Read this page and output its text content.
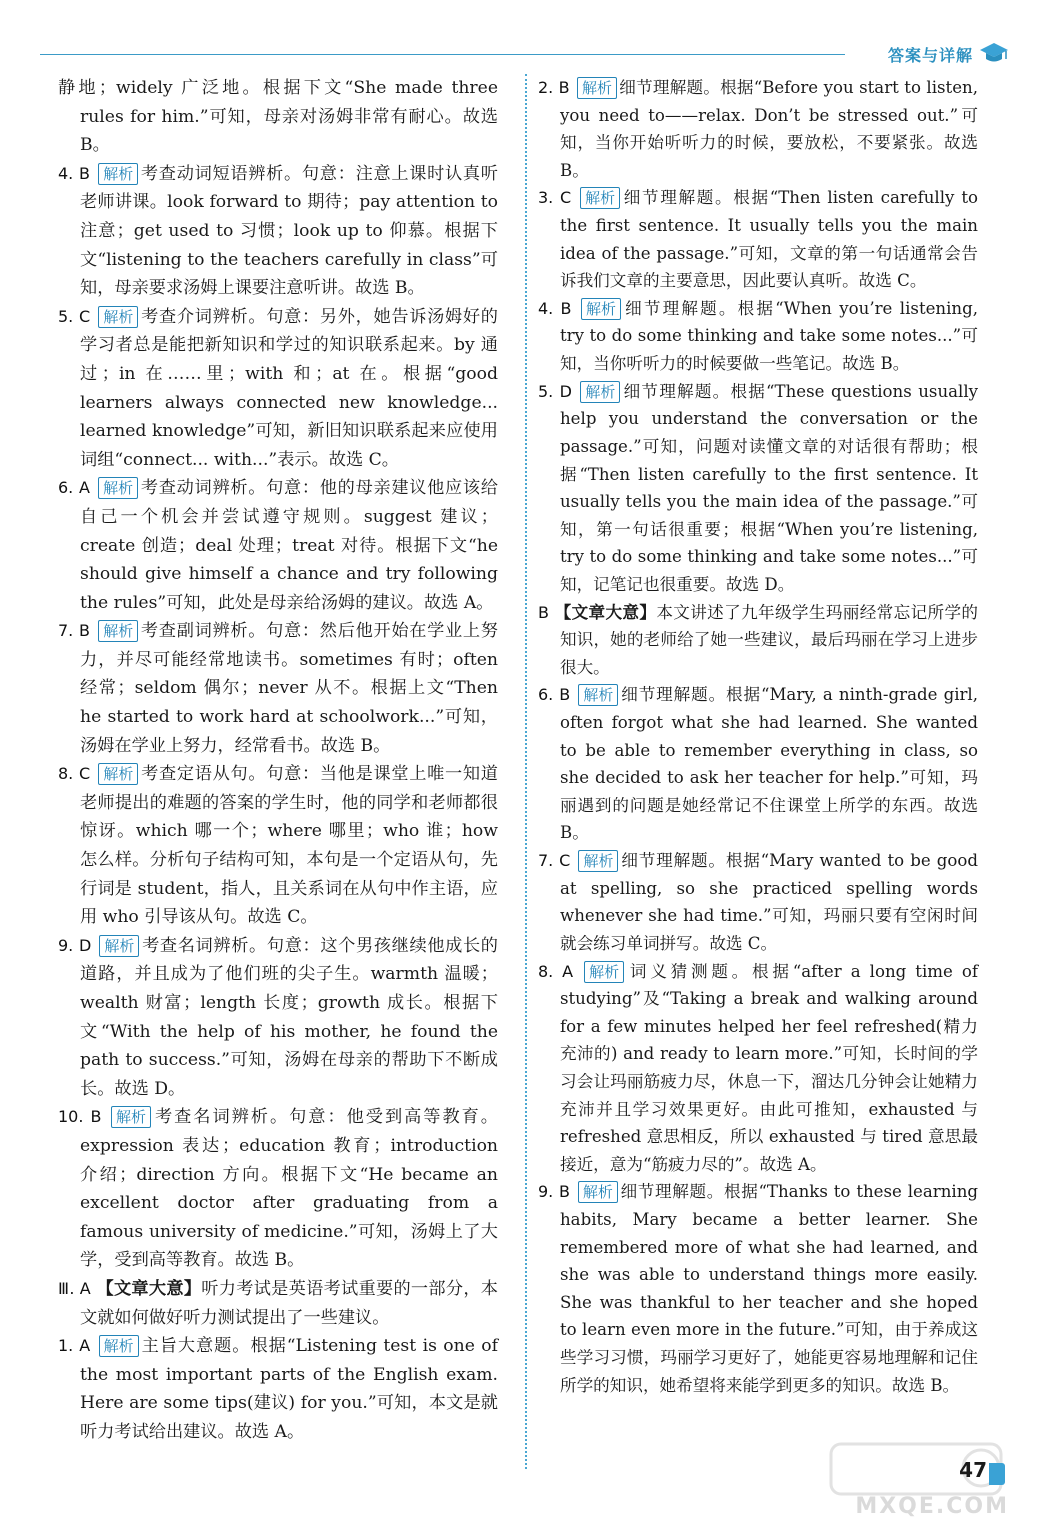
答案与详解
静地；widely 广泛地。根据下文“She made three rules for him.”可知，母亲对汤姆非常有耐心。故选 B。
4. B 解析 考查动词短语辨析。句意：注意上课时认真听老师讲课。look forward to 期待；pay attention to 注意；get used to 习惯；look up to 仰慕。根据下文“listening to the teachers carefully in class”可知，母亲要求汤姆上课要注意听讲。故选 B。
5. C 解析 考查介词辨析。句意：另外，她告诉汤姆好的学习者总是能把新知识和学过的知识联系起来。by 通过；in 在……里；with 和；at 在。根据“good learners always connected new knowledge... learned knowledge”可知，新旧知识联系起来应使用词组“connect... with...”表示。故选 C。
6. A 解析 考查动词辨析。句意：他的母亲建议他应该给自己一个机会并尝试遵守规则。suggest 建议；create 创造；deal 处理；treat 对待。根据下文“he should give himself a chance and try following the rules”可知，此处是母亲给汤姆的建议。故选 A。
7. B 解析 考查副词辨析。句意：然后他开始在学业上努力，并尽可能经常地读书。sometimes 有时；often 经常；seldom 偶尔；never 从不。根据上文“Then he started to work hard at schoolwork...”可知，汤姆在学业上努力，经常看书。故选 B。
8. C 解析 考查定语从句。句意：当他是课堂上唯一知道老师提出的难题的答案的学生时，他的同学和老师都很惊讶。which 哪一个；where 哪里；who 谁；how 怎么样。分析句子结构可知，本句是一个定语从句，先行词是 student，指人，且关系词在从句中作主语，应用 who 引导该从句。故选 C。
9. D 解析 考查名词辨析。句意：这个男孩继续他成长的道路，并且成为了他们班的尖子生。warmth 温暖；wealth 财富；length 长度；growth 成长。根据下文“With the help of his mother, he found the path to success.”可知，汤姆在母亲的帮助下不断成长。故选 D。
10. B 解析 考查名词辨析。句意：他受到高等教育。expression 表达；education 教育；introduction 介绍；direction 方向。根据下文“He became an excellent doctor after graduating from a famous university of medicine.”可知，汤姆上了大学，受到高等教育。故选 B。
Ⅲ. A 【文章大意】听力考试是英语考试重要的一部分，本文就如何做好听力测试提出了一些建议。
1. A 解析 主旨大意题。根据“Listening test is one of the most important parts of the English exam. Here are some tips(建议) for you.”可知，本文是就听力考试给出建议。故选 A。
2. B 解析 细节理解题。根据“Before you start to listen, you need to——relax. Don’t be stressed out.”可知，当你开始听听力的时候，要放松，不要紧张。故选 B。
3. C 解析 细节理解题。根据“Then listen carefully to the first sentence. It usually tells you the main idea of the passage.”可知，文章的第一句话通常会告诉我们文章的主要意思，因此要认真听。故选 C。
4. B 解析 细节理解题。根据“When you’re listening, try to do some thinking and take some notes...”可知，当你听听力的时候要做一些笔记。故选 B。
5. D 解析 细节理解题。根据“These questions usually help you understand the conversation or the passage.”可知，问题对读懂文章的对话很有帮助；根据“Then listen carefully to the first sentence. It usually tells you the main idea of the passage.”可知，第一句话很重要；根据“When you’re listening, try to do some thinking and take some notes...”可知，记笔记也很重要。故选 D。
B 【文章大意】本文讲述了九年级学生玛丽经常忘记所学的知识，她的老师给了她一些建议，最后玛丽在学习上进步很大。
6. B 解析 细节理解题。根据“Mary, a ninth-grade girl, often forgot what she had learned. She wanted to be able to remember everything in class, so she decided to ask her teacher for help.”可知，玛丽遇到的问题是她经常记不住课堂上所学的东西。故选 B。
7. C 解析 细节理解题。根据“Mary wanted to be good at spelling, so she practiced spelling words whenever she had time.”可知，玛丽只要有空闲时间就会练习单词拼写。故选 C。
8. A 解析 词义猜测题。根据“after a long time of studying”及“Taking a break and walking around for a few minutes helped her feel refreshed(精力充沛的) and ready to learn more.”可知，长时间的学习会让玛丽筋疲力尽，休息一下，溜达几分钟会让她精力充沛并且学习效果更好。由此可推知，exhausted 与 refreshed 意思相反，所以 exhausted 与 tired 意思最接近，意为“筋疲力尽的”。故选 A。
9. B 解析 细节理解题。根据“Thanks to these learning habits, Mary became a better learner. She remembered more of what she had learned, and she was able to understand things more easily. She was thankful to her teacher and she hoped to learn even more in the future.”可知，由于养成这些学习习惯，玛丽学习更好了，她能更容易地理解和记住所学的知识，她希望将来能学到更多的知识。故选 B。
MXQE.COM
47
